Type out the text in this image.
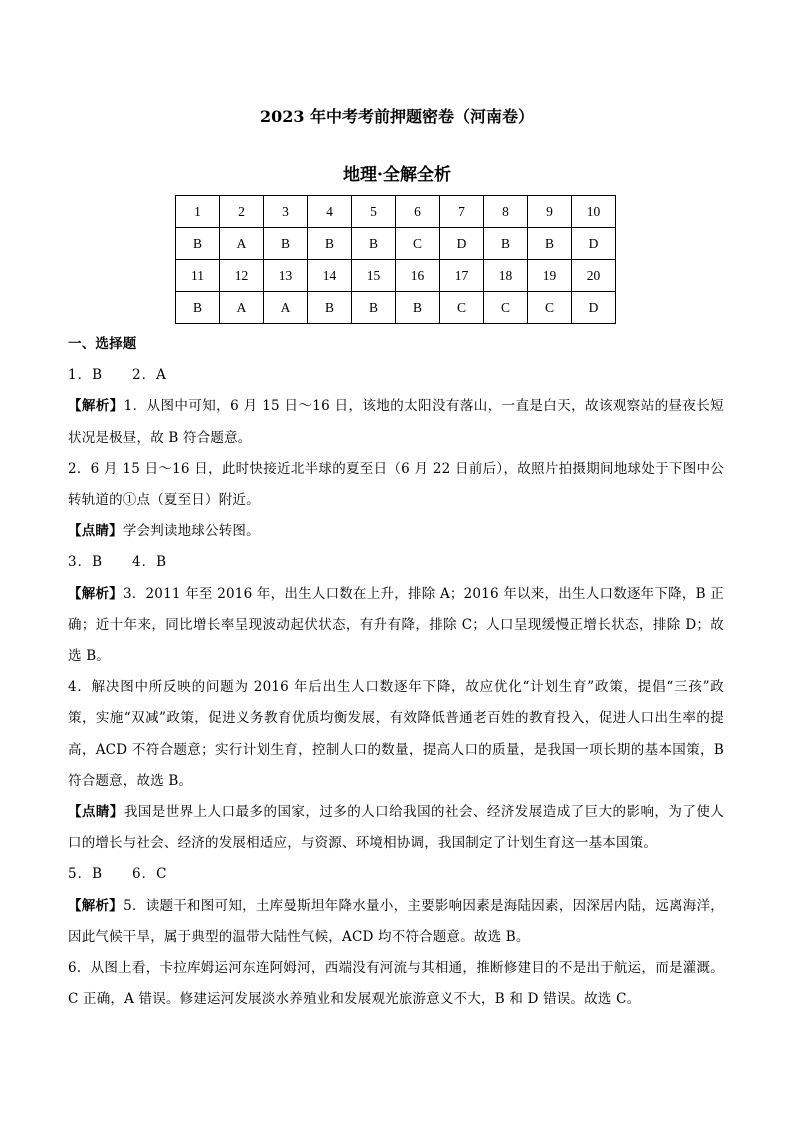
2023 年中考考前押题密卷（河南卷）
地理·全解全析
1	2	3	4	5	6	7	8	9	10
B	A	B	B	B	C	D	B	B	D
11	12	13	14	15	16	17	18	19	20
B	A	A	B	B	B	C	C	C	D

一、选择题

1．B　　2．A

【解析】1．从图中可知，6 月 15 日～16 日，该地的太阳没有落山，一直是白天，故该观察站的昼夜长短状况是极昼，故 B 符合题意。

2．6 月 15 日～16 日，此时快接近北半球的夏至日（6 月 22 日前后），故照片拍摄期间地球处于下图中公转轨道的①点（夏至日）附近。

【点睛】学会判读地球公转图。

3．B　　4．B

【解析】3．2011 年至 2016 年，出生人口数在上升，排除 A；2016 年以来，出生人口数逐年下降，B 正确；近十年来，同比增长率呈现波动起伏状态，有升有降，排除 C；人口呈现缓慢正增长状态，排除 D；故选 B。

4．解决图中所反映的问题为 2016 年后出生人口数逐年下降，故应优化“计划生育”政策，提倡“三孩”政策，实施“双减”政策，促进义务教育优质均衡发展，有效降低普通老百姓的教育投入，促进人口出生率的提高，ACD 不符合题意；实行计划生育，控制人口的数量，提高人口的质量，是我国一项长期的基本国策，B 符合题意，故选 B。

【点睛】我国是世界上人口最多的国家，过多的人口给我国的社会、经济发展造成了巨大的影响，为了使人口的增长与社会、经济的发展相适应，与资源、环境相协调，我国制定了计划生育这一基本国策。

5．B　　6．C

【解析】5．读题干和图可知，土库曼斯坦年降水量小，主要影响因素是海陆因素，因深居内陆，远离海洋，因此气候干旱，属于典型的温带大陆性气候，ACD 均不符合题意。故选 B。

6．从图上看，卡拉库姆运河东连阿姆河，西端没有河流与其相通，推断修建目的不是出于航运，而是灌溉。C 正确，A 错误。修建运河发展淡水养殖业和发展观光旅游意义不大，B 和 D 错误。故选 C。
